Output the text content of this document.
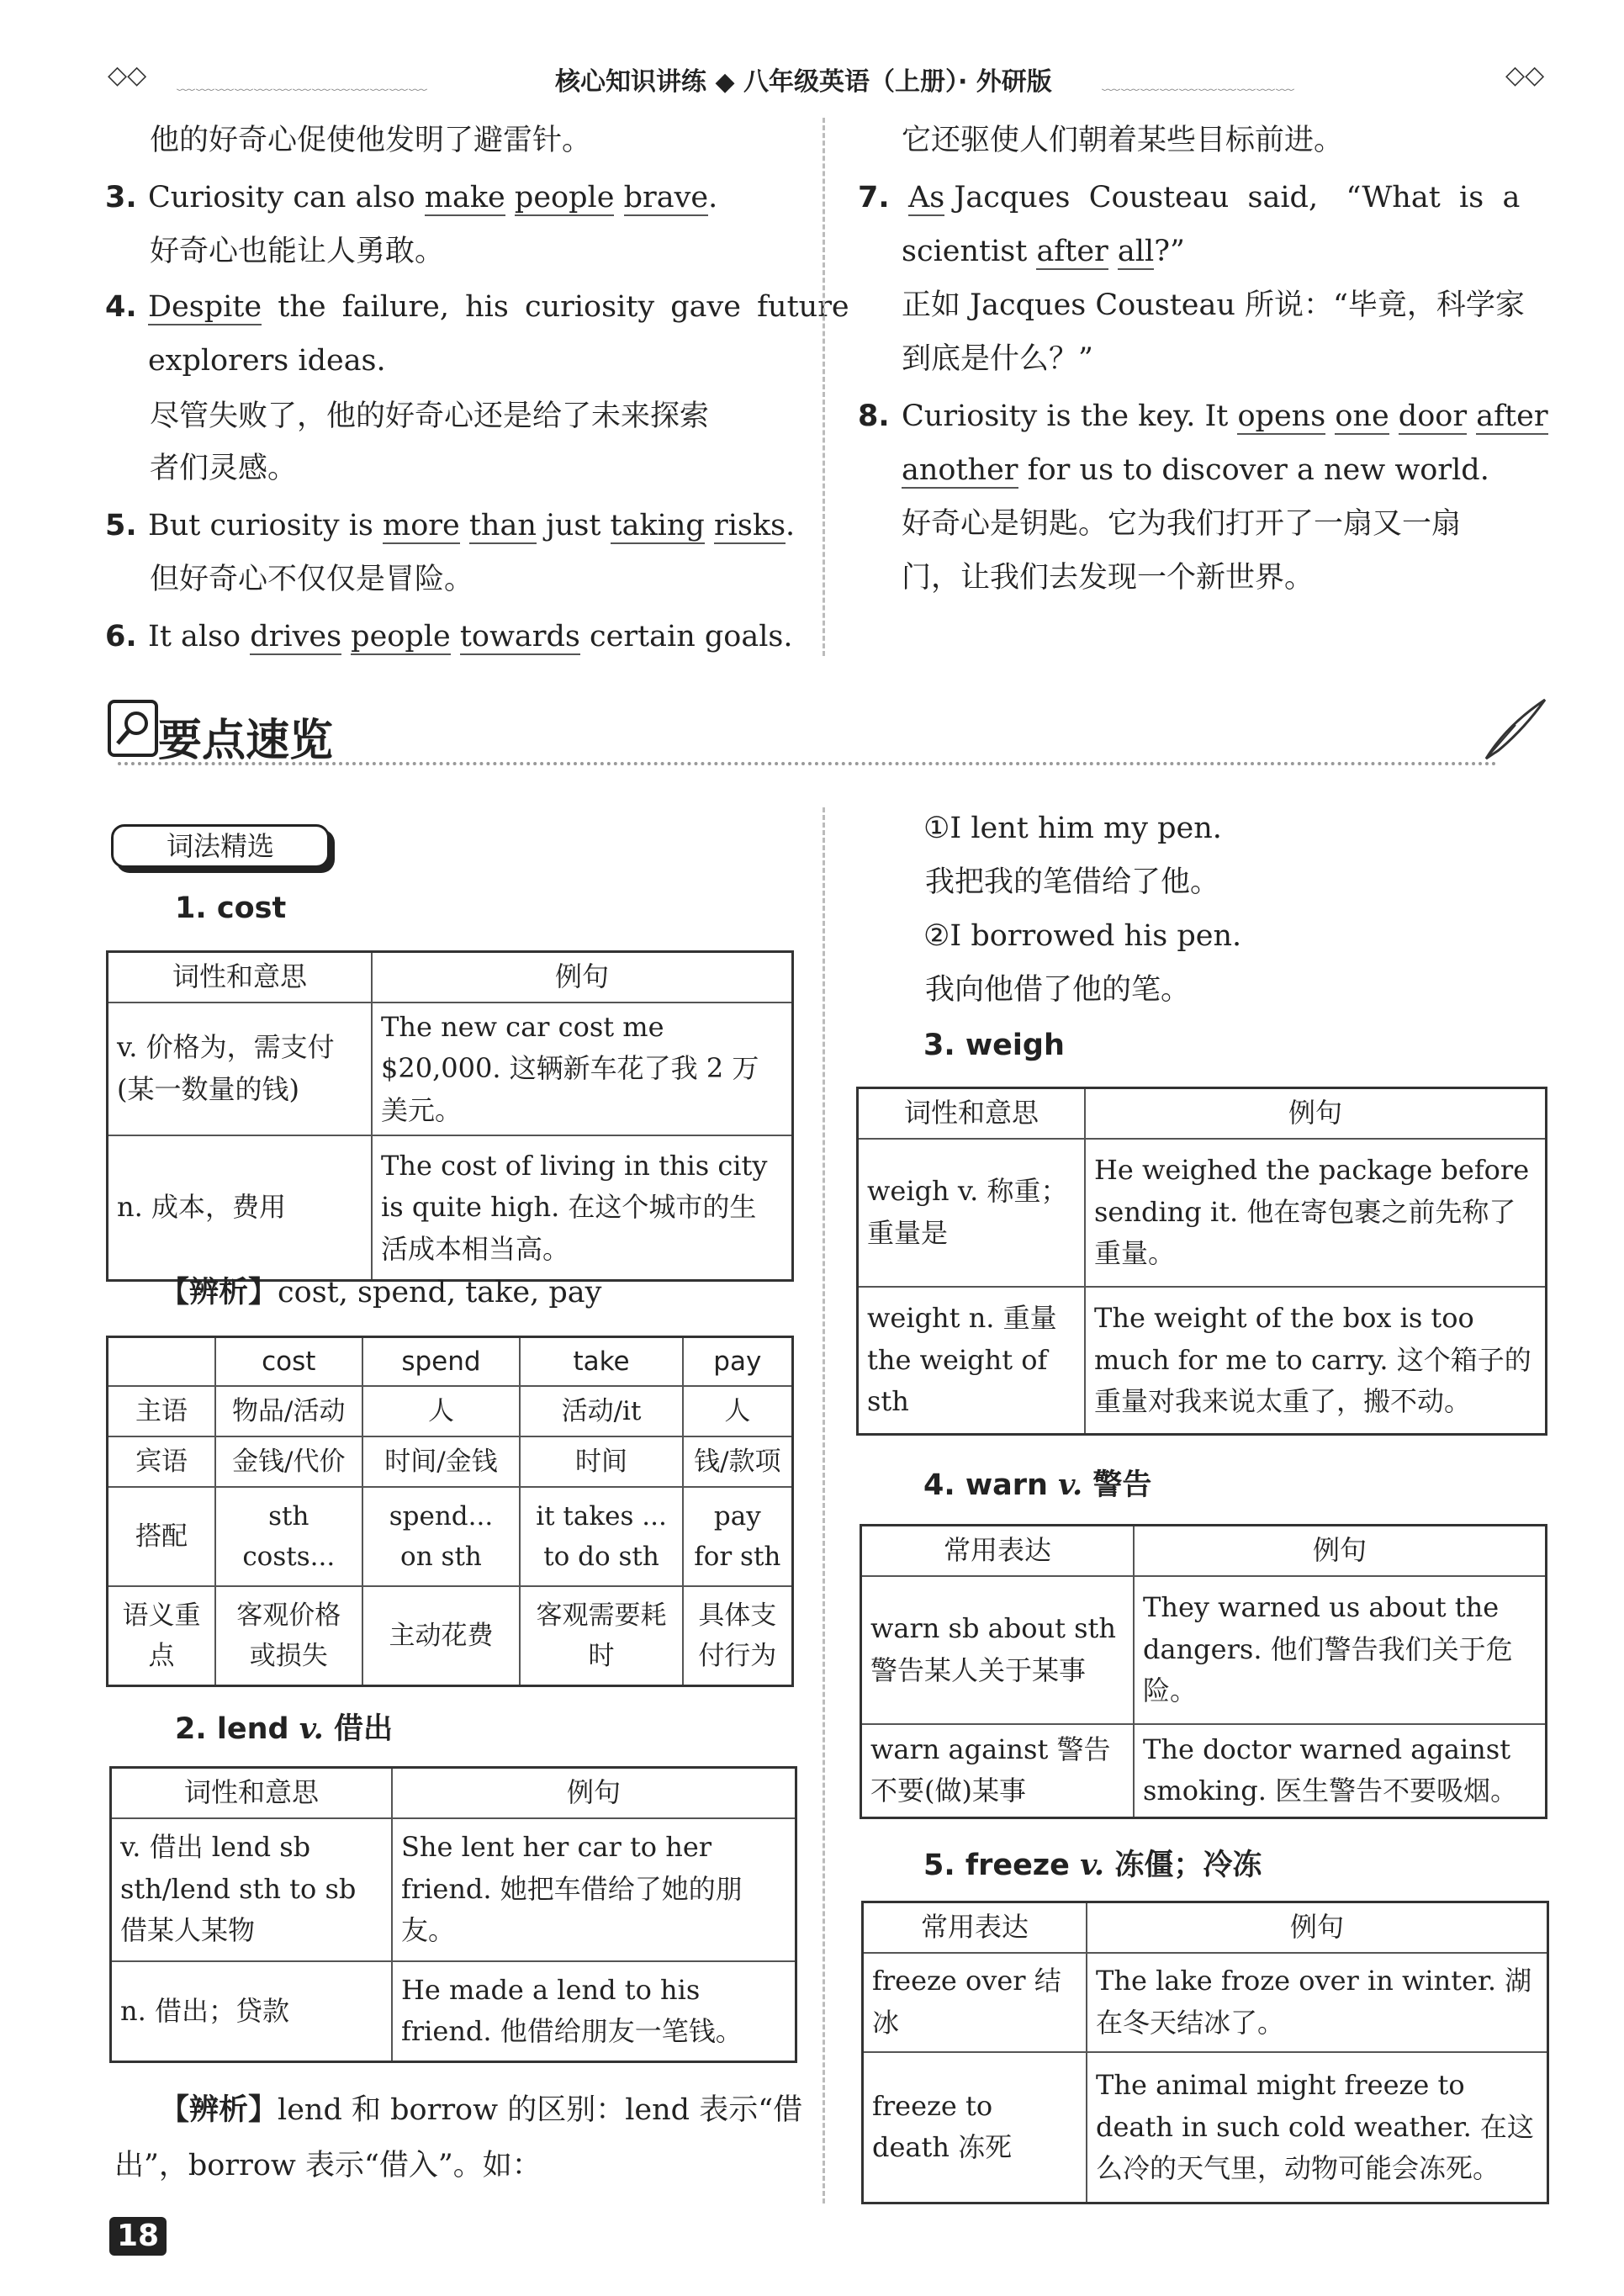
◇◇ ﹏﹏﹏﹏﹏﹏﹏﹏﹏﹏﹏﹏﹏	核心知识讲练 ◆ 八年级英语（上册）· 外研版	﹏﹏﹏﹏﹏﹏﹏﹏﹏﹏	◇◇
他的好奇心促使他发明了避雷针。
3. Curiosity can also make people brave.
好奇心也能让人勇敢。
4. Despite the failure, his curiosity gave future
explorers ideas.
尽管失败了，他的好奇心还是给了未来探索
者们灵感。
5. But curiosity is more than just taking risks.
但好奇心不仅仅是冒险。
6. It also drives people towards certain goals.
它还驱使人们朝着某些目标前进。
7. As Jacques  Cousteau  said,   “What  is  a
scientist after all?”
正如 Jacques Cousteau 所说：“毕竟，科学家
到底是什么？”
8. Curiosity is the key. It opens one door after
another for us to discover a new world.
好奇心是钥匙。它为我们打开了一扇又一扇
门，让我们去发现一个新世界。
要点速览
词法精选
1. cost
词性和意思	例句
v. 价格为，需支付(某一数量的钱)	The new car cost me $20,000. 这辆新车花了我 2 万美元。
n. 成本，费用	The cost of living in this city is quite high. 在这个城市的生活成本相当高。
【辨析】cost, spend, take, pay
	cost	spend	take	pay
主语	物品/活动	人	活动/it	人
宾语	金钱/代价	时间/金钱	时间	钱/款项
搭配	sth costs...	spend... on sth	it takes ... to do sth	pay for sth
语义重点	客观价格或损失	主动花费	客观需要耗时	具体支付行为
2. lend v. 借出
词性和意思	例句
v. 借出 lend sb sth/lend sth to sb 借某人某物	She lent her car to her friend. 她把车借给了她的朋友。
n. 借出；贷款	He made a lend to his friend. 他借给朋友一笔钱。
【辨析】lend 和 borrow 的区别：lend 表示“借
出”，borrow 表示“借入”。如：
①I lent him my pen.
我把我的笔借给了他。
②I borrowed his pen.
我向他借了他的笔。
3. weigh
词性和意思	例句
weigh v. 称重；重量是	He weighed the package before sending it. 他在寄包裹之前先称了重量。
weight n. 重量 the weight of sth	The weight of the box is too much for me to carry. 这个箱子的重量对我来说太重了，搬不动。
4. warn v. 警告
常用表达	例句
warn sb about sth 警告某人关于某事	They warned us about the dangers. 他们警告我们关于危险。
warn against 警告不要(做)某事	The doctor warned against smoking. 医生警告不要吸烟。
5. freeze v. 冻僵；冷冻
常用表达	例句
freeze over 结冰	The lake froze over in winter. 湖在冬天结冰了。
freeze to death 冻死	The animal might freeze to death in such cold weather. 在这么冷的天气里，动物可能会冻死。
18
